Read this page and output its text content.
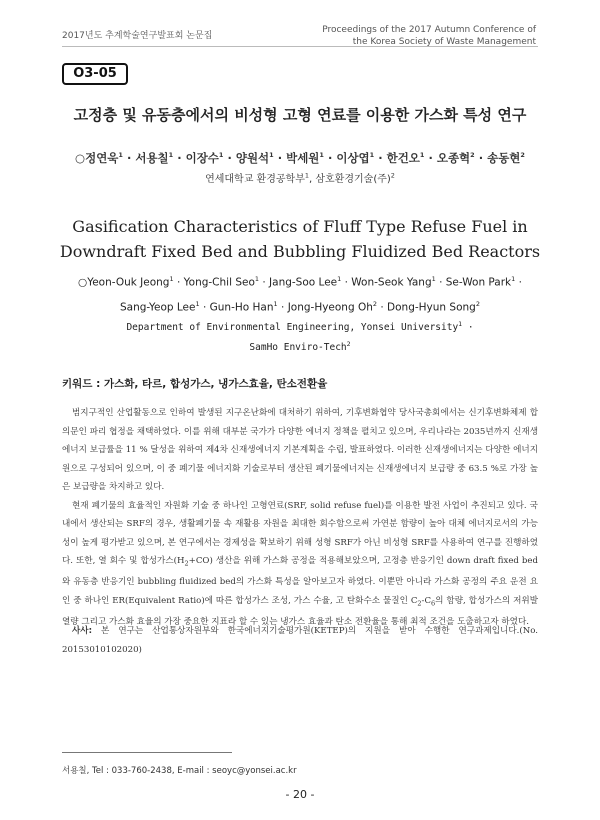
2017년도 추계학술연구발표회 논문집
Proceedings of the 2017 Autumn Conference of
the Korea Society of Waste Management
O3-05
고정층 및 유동층에서의 비성형 고형 연료를 이용한 가스화 특성 연구
○정연욱$^1$ · 서용칠$^1$ · 이장수$^1$ · 양원석$^1$ · 박세원$^1$ · 이상엽$^1$ · 한건오$^1$ · 오종혁$^2$ · 송동현$^2$
연세대학교 환경공학부$^1$, 삼호환경기술(주)$^2$
Gasification Characteristics of Fluff Type Refuse Fuel in
Downdraft Fixed Bed and Bubbling Fluidized Bed Reactors
○Yeon-Ouk Jeong$^1$ · Yong-Chil Seo$^1$ · Jang-Soo Lee$^1$ · Won-Seok Yang$^1$ · Se-Won Park$^1$ ·
Sang-Yeop Lee$^1$ · Gun-Ho Han$^1$ · Jong-Hyeong $Oh^2$ · Dong-Hyun Song$^2$
Department of Environmental Engineering, Yonsei University$^1$ ·
SamHo Enviro-Tech$^2$
키워드 : 가스화, 타르, 합성가스, 냉가스효율, 탄소전환율

범지구적인 산업활동으로 인하여 발생된 지구온난화에 대처하기 위하여, 기후변화협약 당사국총회에서는 신기후변화체제 합의문인 파리 협정을 채택하였다. 이를 위해 대부분 국가가 다양한 에너지 정책을 펼치고 있으며, 우리나라는 2035년까지 신재생에너지 보급률을 11 % 달성을 위하여 제4차 신재생에너지 기본계획을 수립, 발표하였다. 이러한 신재생에너지는 다양한 에너지원으로 구성되어 있으며, 이 중 폐기물 에너지화 기술로부터 생산된 폐기물에너지는 신재생에너지 보급량 중 63.5 %로 가장 높은 보급량을 차지하고 있다.

현재 폐기물의 효율적인 자원화 기술 중 하나인 고형연료(SRF, solid refuse fuel)를 이용한 발전 사업이 추진되고 있다. 국내에서 생산되는 SRF의 경우, 생활폐기물 속 재활용 자원을 최대한 회수함으로써 가연분 함량이 높아 대체 에너지로서의 가능성이 높게 평가받고 있으며, 본 연구에서는 경제성을 확보하기 위해 성형 SRF가 아닌 비성형 SRF를 사용하여 연구를 진행하였다. 또한, 열 회수 및 합성가스$(H_2+CO)$ 생산을 위해 가스화 공정을 적용해보았으며, 고정층 반응기인 down draft fixed bed와 유동층 반응기인 bubbling fluidized bed의 가스화 특성을 알아보고자 하였다. 이뿐만 아니라 가스화 공정의 주요 운전 요인 중 하나인 ER(Equivalent Ratio)에 따른 합성가스 조성, 가스 수율, 고 탄화수소 물질인 $C_2-C_6$의 함량, 합성가스의 저위발열량 그리고 가스화 효율의 가장 중요한 지표라 할 수 있는 냉가스 효율과 탄소 전환율을 통해 최적 조건을 도출하고자 하였다.

사사: 본 연구는 산업통상자원부와 한국에너지기술평가원(KETEP)의 지원을 받아 수행한 연구과제입니다.(No. 20153010102020)
서용칠, Tel : 033-760-2438, E-mail : seoyc@yonsei.ac.kr
- 20 -
